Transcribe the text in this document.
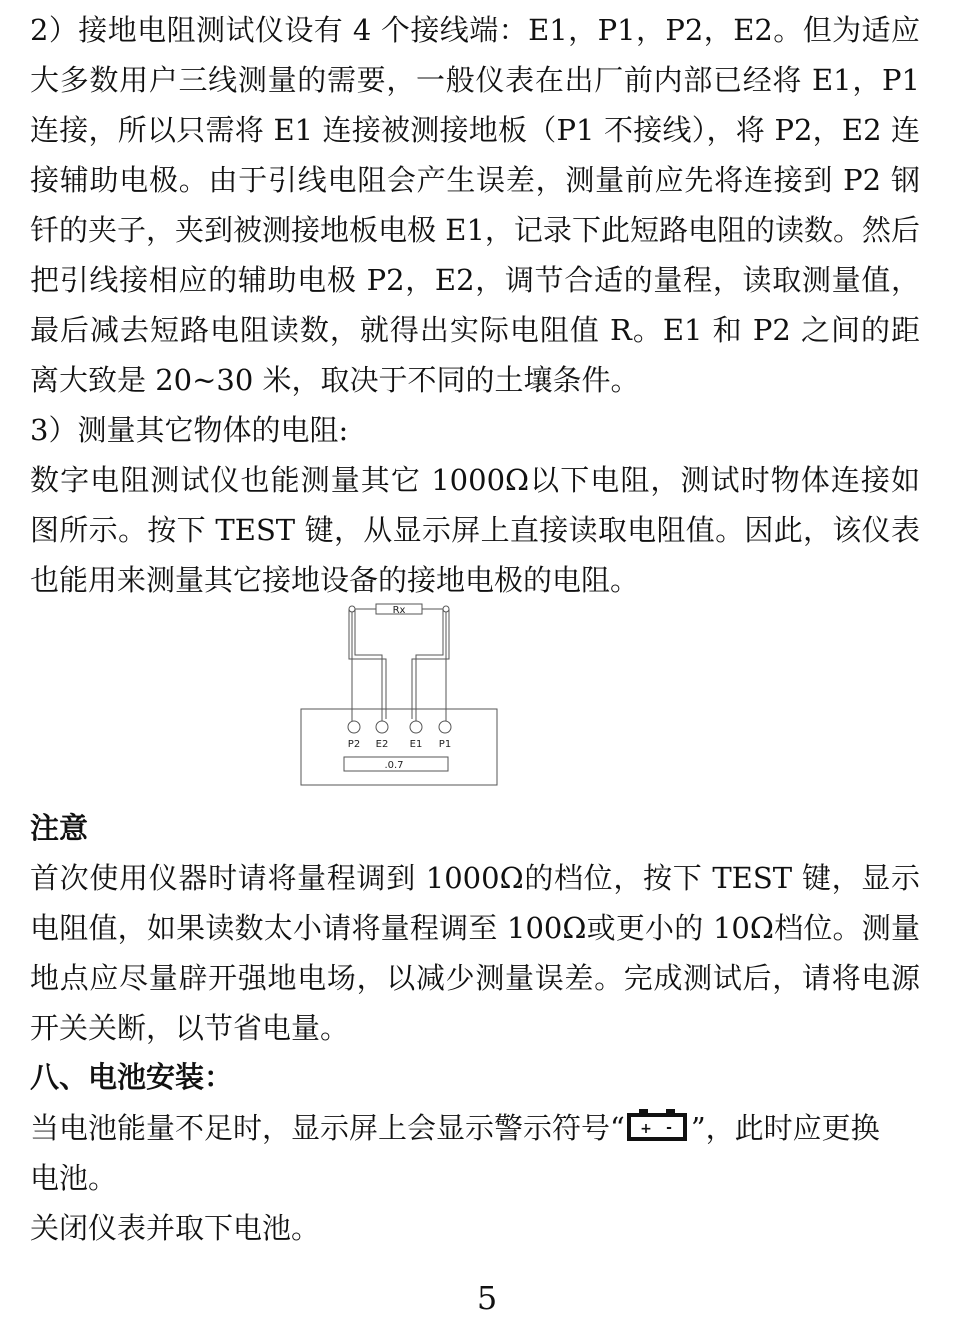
2）接地电阻测试仪设有 4 个接线端：E1，P1，P2，E2。但为适应大多数用户三线测量的需要，一般仪表在出厂前内部已经将 E1，P1 连接，所以只需将 E1 连接被测接地板（P1 不接线），将 P2，E2 连接辅助电极。由于引线电阻会产生误差，测量前应先将连接到 P2 钢钎的夹子，夹到被测接地板电极 E1，记录下此短路电阻的读数。然后把引线接相应的辅助电极 P2，E2，调节合适的量程，读取测量值，最后减去短路电阻读数，就得出实际电阻值 R。E1 和 P2 之间的距离大致是 20~30 米，取决于不同的土壤条件。

3）测量其它物体的电阻:

数字电阻测试仪也能测量其它 1000Ω以下电阻，测试时物体连接如图所示。按下 TEST 键，从显示屏上直接读取电阻值。因此，该仪表也能用来测量其它接地设备的接地电极的电阻。

Rx
P2 E2 E1 P1
.0.7

注意

首次使用仪器时请将量程调到 1000Ω的档位，按下 TEST 键，显示电阻值，如果读数太小请将量程调至 100Ω或更小的 10Ω档位。测量地点应尽量辟开强地电场，以减少测量误差。完成测试后，请将电源开关关断，以节省电量。

八、电池安装：

当电池能量不足时，显示屏上会显示警示符号“ + - ”，此时应更换电池。

关闭仪表并取下电池。

5
